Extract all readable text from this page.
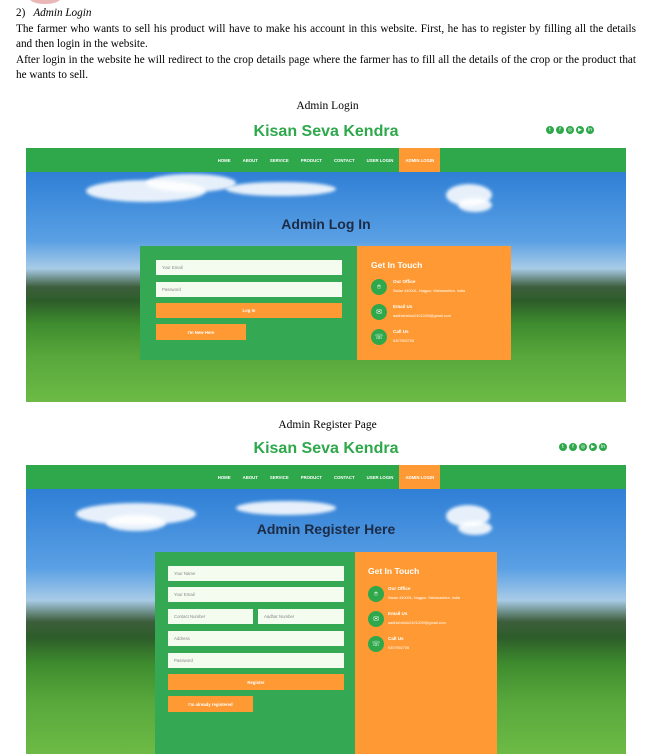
2) Admin Login

The farmer who wants to sell his product will have to make his account in this website. First, he has to register by filling all the details and then login in the website.

After login in the website he will redirect to the crop details page where the farmer has to fill all the details of the crop or the product that he wants to sell.

Admin Login
Kisan Seva Kendra	t	f	◎	▶	in
HOME	ABOUT	SERVICE	PRODUCT	CONTACT	USER LOGIN	ADMIN LOGIN
Admin Log In
Your Email
Password
Log In
I'm New Here
Get In Touch
⌾
Our Office
Sadar 440001, Nagpur, Maharashtra, India
✉
Email Us
aadhishekkk2401200l@gmail.com
☏
Call Us
9307592755
Admin Register Page
Kisan Seva Kendra	t	f	◎	▶	in
HOME	ABOUT	SERVICE	PRODUCT	CONTACT	USER LOGIN	ADMIN LOGIN
Admin Register Here
Your Name
Your Email
Contact Number	Aadhar Number
Address
Password
Register
I'm already registered
Get In Touch
⌾
Our Office
Sadar 440001, Nagpur, Maharashtra, India
✉
Email Us
aadhishekkk2401200l@gmail.com
☏
Call Us
9307592755
